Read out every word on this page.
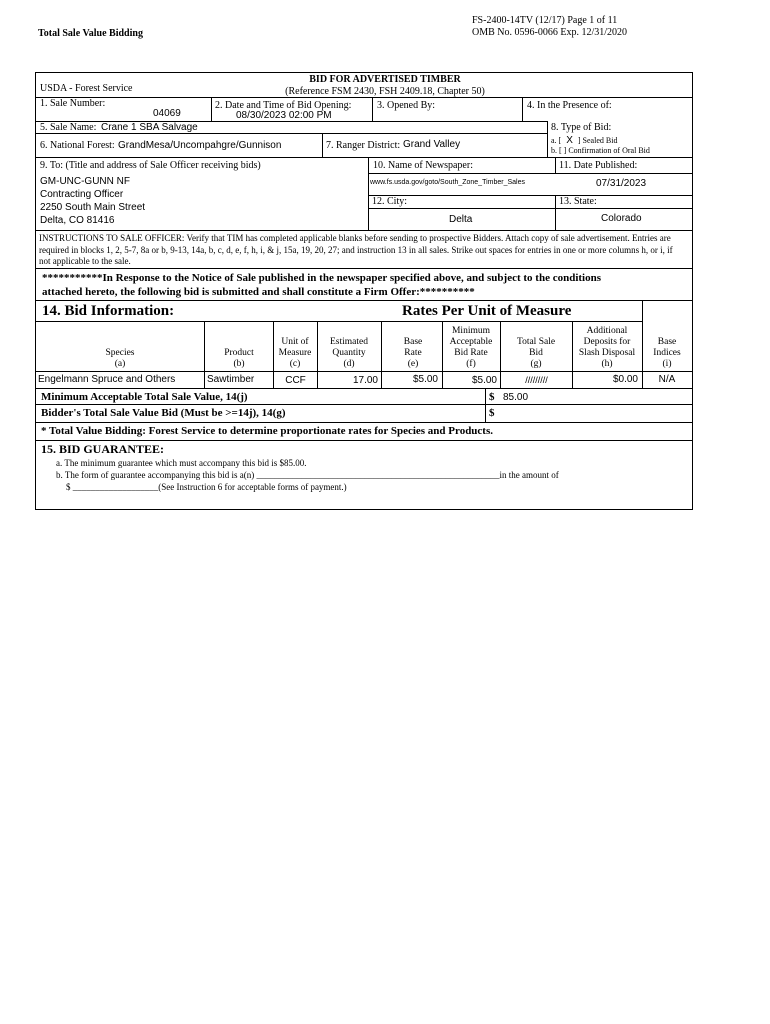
Total Sale Value Bidding
FS-2400-14TV (12/17) Page 1 of 11
OMB No. 0596-0066 Exp. 12/31/2020
USDA - Forest Service
BID FOR ADVERTISED TIMBER
(Reference FSM 2430, FSH 2409.18, Chapter 50)
1. Sale Number:
04069
2. Date and Time of Bid Opening:
08/30/2023 02:00 PM
3. Opened By:	4. In the Presence of:
5. Sale Name: Crane 1 SBA Salvage	8. Type of Bid:
a. [ X ] Sealed Bid
b. [ ] Confirmation of Oral Bid
6. National Forest: GrandMesa/Uncompahgre/Gunnison	7. Ranger District: Grand Valley
9. To: (Title and address of Sale Officer receiving bids)
GM-UNC-GUNN NF
Contracting Officer
2250 South Main Street
Delta, CO 81416
10. Name of Newspaper:
www.fs.usda.gov/goto/South_Zone_Timber_Sales
11. Date Published:
07/31/2023
12. City:
Delta
13. State:
Colorado
INSTRUCTIONS TO SALE OFFICER: Verify that TIM has completed applicable blanks before sending to prospective Bidders. Attach copy of sale advertisement. Entries are required in blocks 1, 2, 5-7, 8a or b, 9-13, 14a, b, c, d, e, f, h, i, & j, 15a, 19, 20, 27; and instruction 13 in all sales. Strike out spaces for entries in one or more columns h, or i, if not applicable to the sale.
***********In Response to the Notice of Sale published in the newspaper specified above, and subject to the conditions
attached hereto, the following bid is submitted and shall constitute a Firm Offer:**********
14. Bid Information:	Rates Per Unit of Measure
Species
(a)
Product
(b)
Unit of Measure
(c)
Estimated Quantity
(d)
Base Rate
(e)
Minimum Acceptable Bid Rate
(f)
Total Sale Bid
(g)
Additional Deposits for Slash Disposal
(h)
Base Indices
(i)
Engelmann Spruce and Others	Sawtimber	CCF	17.00	$5.00	$5.00	/////////	$0.00	N/A
Minimum Acceptable Total Sale Value, 14(j)	$ 85.00
Bidder's Total Sale Value Bid (Must be >=14j), 14(g)	$
* Total Value Bidding: Forest Service to determine proportionate rates for Species and Products.
15. BID GUARANTEE:
a. The minimum guarantee which must accompany this bid is $85.00.
b. The form of guarantee accompanying this bid is a(n) ______________________________________________________in the amount of
$ ___________________(See Instruction 6 for acceptable forms of payment.)
